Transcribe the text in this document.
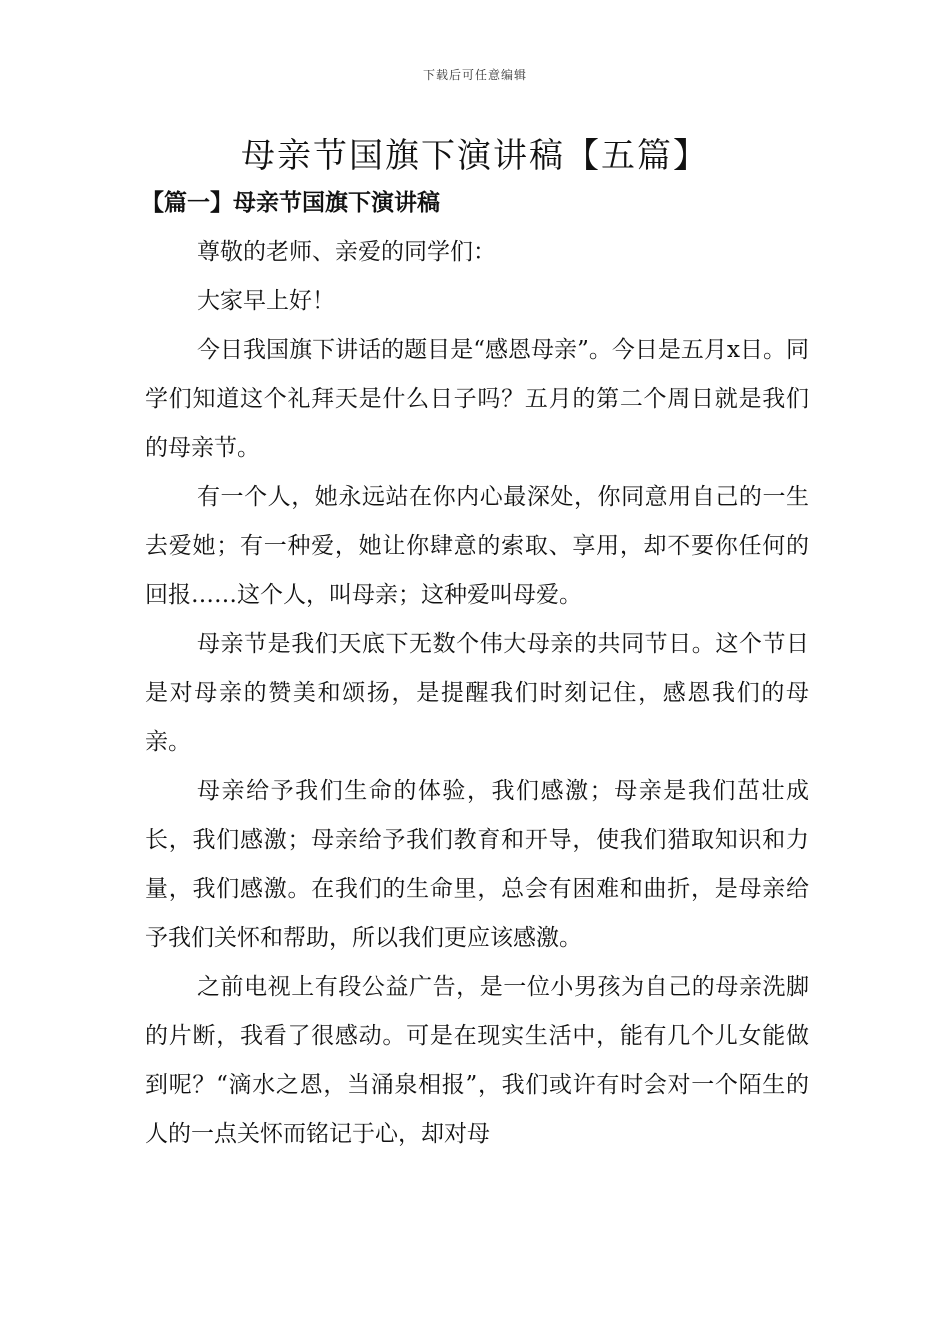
下载后可任意编辑
母亲节国旗下演讲稿【五篇】
【篇一】母亲节国旗下演讲稿

尊敬的老师、亲爱的同学们：

大家早上好！

今日我国旗下讲话的题目是“感恩母亲”。今日是五月x日。同学们知道这个礼拜天是什么日子吗？五月的第二个周日就是我们的母亲节。

有一个人，她永远站在你内心最深处，你同意用自己的一生去爱她；有一种爱，她让你肆意的索取、享用，却不要你任何的回报……这个人，叫母亲；这种爱叫母爱。

母亲节是我们天底下无数个伟大母亲的共同节日。这个节日是对母亲的赞美和颂扬，是提醒我们时刻记住，感恩我们的母亲。

母亲给予我们生命的体验，我们感激；母亲是我们茁壮成长，我们感激；母亲给予我们教育和开导，使我们猎取知识和力量，我们感激。在我们的生命里，总会有困难和曲折，是母亲给予我们关怀和帮助，所以我们更应该感激。

之前电视上有段公益广告，是一位小男孩为自己的母亲洗脚的片断，我看了很感动。可是在现实生活中，能有几个儿女能做到呢？“滴水之恩，当涌泉相报”，我们或许有时会对一个陌生的人的一点关怀而铭记于心，却对母
